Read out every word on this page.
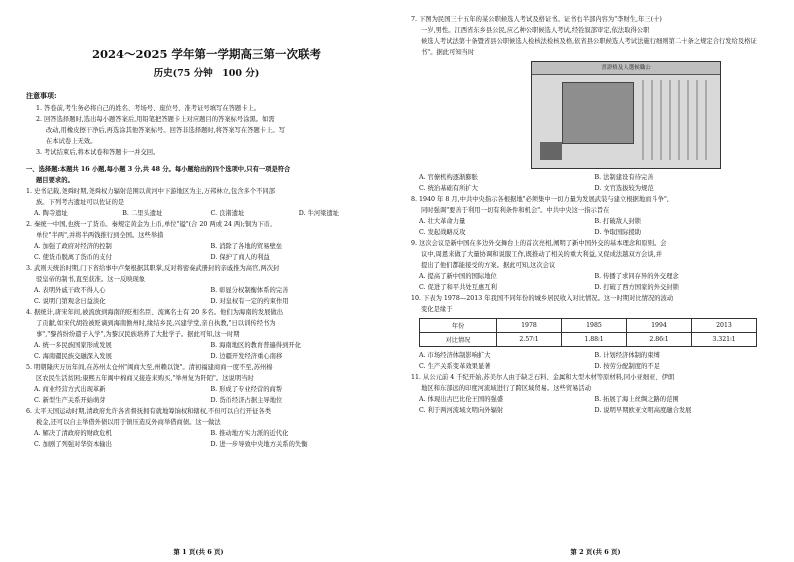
2024～2025 学年第一学期高三第一次联考
历史(75 分钟　100 分)
注意事项:

1. 答卷前,考生务必将自己的姓名、考场号、座位号、准考证号填写在答题卡上。

2. 回答选择题时,选出每小题答案后,用铅笔把答题卡上对应题目的答案标号涂黑。如需

改动,用橡皮擦干净后,再选涂其他答案标号。回答非选择题时,将答案写在答题卡上。写

在本试卷上无效。

3. 考试结束后,将本试卷和答题卡一并交回。

一、选择题:本题共 16 小题,每小题 3 分,共 48 分。每小题给出的四个选项中,只有一项是符合

题目要求的。

1. 史书记载,尧舜时期,尧舜权力辐射范围以黄河中下游地区为主,万邦林立,包含多个不同部

族。下列考古遗址可以佐证的是

A. 陶寺遗址	B. 二里头遗址	C. 良渚遗址	D. 牛河梁遗址

2. 秦统一中国,也统一了货币。秦规定黄金为上币,单位"镒"(合 20 两或 24 两);铜为下币,

单位"半两",并将半两钱推行到全国。这些举措

A. 加强了政府对经济的控制	B. 消除了各地的贸易壁垒
C. 使货币脱离了货币的支付	D. 保护了商人的利益

3. 武则天统治时期,门下省给事中卢粲根据其职掌,反对将密奏武册封的亲戚推为高官,两次封

驳皇帝的制书,直至获准。这一反映现象

A. 表明外戚干政不得人心	B. 彰显分权制衡体系的完善
C. 说明门第观念日益淡化	D. 对皇权有一定的约束作用

4. 据统计,唐宋年间,被流放到海南的贬相名臣、流寓名士有 20 多名。他们为海南的发展做出

了贡献,如宋代胡铨被贬谪到海南儋州时,缘结乡民,兴建学堂,亲自执教,"日以训传经书为

事","黎酋纷纷遣子入学",为黎汉民族培养了大批学子。据此可知,这一时期

A. 统一多民族国家形成发展	B. 海南地区的教育普遍得到开化
C. 海南疆民族交融深入发展	D. 边疆开发经济重心南移

5. 明朝隆庆万历年间,在苏州太仓州"闽商大至,州赖以饶"。清初福建商商一度不至,苏州棉

区农民生活贫困;康熙五年闽中棉商又接连来购买,"举州复为阡陌"。这说明当时

A. 商业经营方式出现革新	B. 形成了专业经营的商帮
C. 新型生产关系开始萌芽	D. 货币经济占据主导地位

6. 太平天国运动时期,清政府允许各省督抚拥有就地筹饷权和辖权,不但可以自行开征各类

税金,还可以自主举借外债以用于镇压造反外商举借商债。这一做法

A. 解决了清政府的财政危机	B. 推动地方实力派的近代化
C. 加剧了列强对华资本输出	D. 进一步导致中央地方关系的失衡
第 1 页(共 6 页)

7. 下图为民国三十五年的某公职候选人考试及格证书。证书右半部内容为"李财生,年三(十)

一岁,男性。江西省东乡县公民,应乙种公职候选人考试,经铨叙部审定,依法取得公职

候选人考试法第十条暨省县公职候选人检核法检核及格,依省县公职候选人考试法施行细则第二十条之规定合行发给及格证

书"。据此可知当时

書證格及人選候職公
A. 官僚机构逐渐膨胀	B. 法制建设有待完善
C. 统治基础有所扩大	D. 文官选拔较为规范

8. 1940 年 8 月,中共中央指示各根据地"必须集中一切力量为发展武装与建立根据地而斗争",

同时强调"要善于利用一切有利条件和机会"。中共中央这一指示旨在

A. 壮大革命力量	B. 打破敌人封锁
C. 发起战略反攻	D. 争取国际援助

9. 这次会议是新中国在多边外交舞台上的首次亮相,阐明了新中国外交的基本理念和原则。会

议中,周恩来做了大量协调和说服工作,既推动了相关的重大利益,又促成法越双方会谈,并

提出了他们都能接受的方案。据此可知,这次会议

A. 提高了新中国的国际地位	B. 传播了求同存异的外交理念
C. 促进了和平共处互惠互利	D. 打破了西方国家的外交封锁

10. 下表为 1978—2013 年我国不同年份的城乡居民收入对比情况。这一时期对比情况的波动

变化是缘于

年份	1978	1985	1994	2013
对比情况	2.57∶1	1.88∶1	2.86∶1	3.321∶1
A. 市场经济体制影响扩大	B. 计划经济体制的束缚
C. 生产关系变革效果显著	D. 按劳分配制度的不足

11. 从公元前 4 千纪开始,苏美尔人由于缺乏石料、金属和大型木材等原材料,同小亚细亚、伊朗

地区和东部远的印度河流域进行了跨区域贸易。这些贸易活动

A. 体现出古巴比伦王国的强盛	B. 拓展了海上丝绸之路的范围
C. 利于两河流域文明向外辐射	D. 说明早期欧亚文明高度融合发展
第 2 页(共 6 页)
